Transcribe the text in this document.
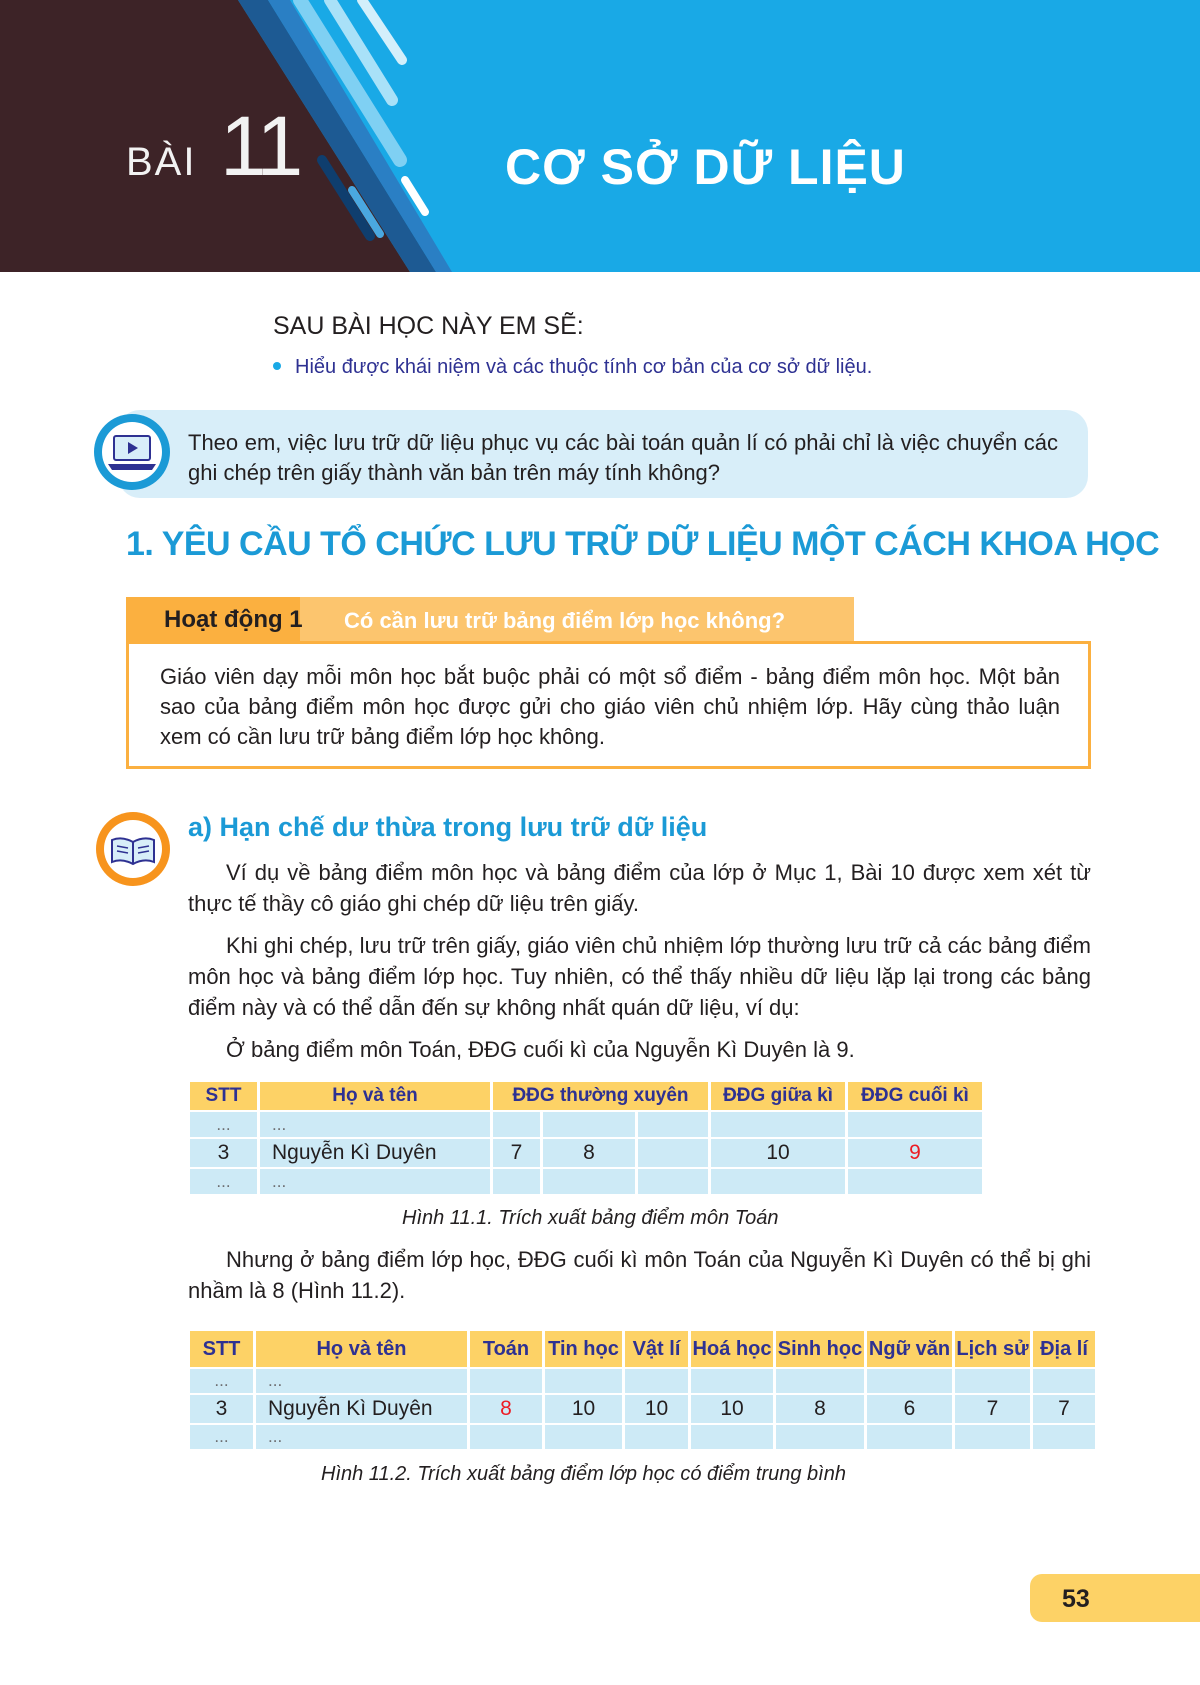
BÀI 11	CƠ SỞ DỮ LIỆU
SAU BÀI HỌC NÀY EM SẼ:
Hiểu được khái niệm và các thuộc tính cơ bản của cơ sở dữ liệu.
Theo em, việc lưu trữ dữ liệu phục vụ các bài toán quản lí có phải chỉ là việc chuyển các ghi chép trên giấy thành văn bản trên máy tính không?
1. YÊU CẦU TỔ CHỨC LƯU TRỮ DỮ LIỆU MỘT CÁCH KHOA HỌC
Hoạt động 1 Có cần lưu trữ bảng điểm lớp học không?
Giáo viên dạy mỗi môn học bắt buộc phải có một sổ điểm - bảng điểm môn học. Một bản sao của bảng điểm môn học được gửi cho giáo viên chủ nhiệm lớp. Hãy cùng thảo luận xem có cần lưu trữ bảng điểm lớp học không.
a) Hạn chế dư thừa trong lưu trữ dữ liệu
Ví dụ về bảng điểm môn học và bảng điểm của lớp ở Mục 1, Bài 10 được xem xét từ thực tế thầy cô giáo ghi chép dữ liệu trên giấy.
Khi ghi chép, lưu trữ trên giấy, giáo viên chủ nhiệm lớp thường lưu trữ cả các bảng điểm môn học và bảng điểm lớp học. Tuy nhiên, có thể thấy nhiều dữ liệu lặp lại trong các bảng điểm này và có thể dẫn đến sự không nhất quán dữ liệu, ví dụ:
Ở bảng điểm môn Toán, ĐĐG cuối kì của Nguyễn Kì Duyên là 9.
STT	Họ và tên	ĐĐG thường xuyên			ĐĐG giữa kì	ĐĐG cuối kì
...	...					
3	Nguyễn Kì Duyên	7	8		10	9
...	...					
Hình 11.1. Trích xuất bảng điểm môn Toán
Nhưng ở bảng điểm lớp học, ĐĐG cuối kì môn Toán của Nguyễn Kì Duyên có thể bị ghi nhầm là 8 (Hình 11.2).
STT	Họ và tên	Toán	Tin học	Vật lí	Hoá học	Sinh học	Ngữ văn	Lịch sử	Địa lí
...	...								
3	Nguyễn Kì Duyên	8	10	10	10	8	6	7	7
...	...								
Hình 11.2. Trích xuất bảng điểm lớp học có điểm trung bình
53
